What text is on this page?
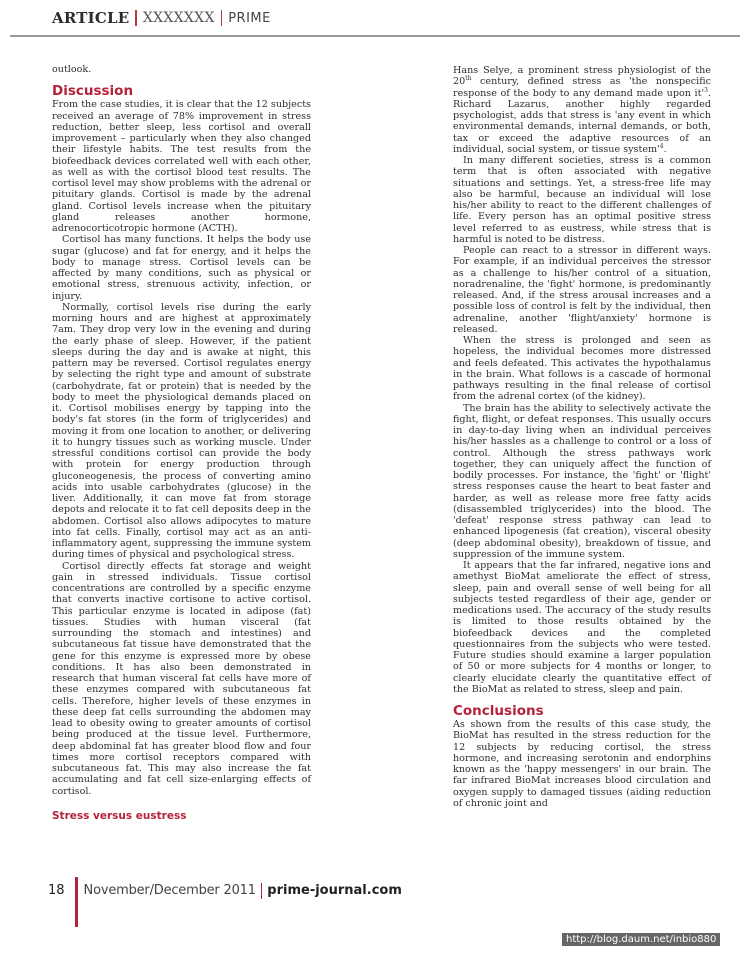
ARTICLE XXXXXXX PRIME

outlook.

Discussion

From the case studies, it is clear that the 12 subjects received an average of 78% improvement in stress reduction, better sleep, less cortisol and overall improvement – particularly when they also changed their lifestyle habits. The test results from the biofeedback devices correlated well with each other, as well as with the cortisol blood test results. The cortisol level may show problems with the adrenal or pituitary glands. Cortisol is made by the adrenal gland. Cortisol levels increase when the pituitary gland releases another hormone, adrenocorticotropic hormone (ACTH).

Cortisol has many functions. It helps the body use sugar (glucose) and fat for energy, and it helps the body to manage stress. Cortisol levels can be affected by many conditions, such as physical or emotional stress, strenuous activity, infection, or injury.

Normally, cortisol levels rise during the early morning hours and are highest at approximately 7am. They drop very low in the evening and during the early phase of sleep. However, if the patient sleeps during the day and is awake at night, this pattern may be reversed. Cortisol regulates energy by selecting the right type and amount of substrate (carbohydrate, fat or protein) that is needed by the body to meet the physiological demands placed on it. Cortisol mobilises energy by tapping into the body's fat stores (in the form of triglycerides) and moving it from one location to another, or delivering it to hungry tissues such as working muscle. Under stressful conditions cortisol can provide the body with protein for energy production through gluconeogenesis, the process of converting amino acids into usable carbohydrates (glucose) in the liver. Additionally, it can move fat from storage depots and relocate it to fat cell deposits deep in the abdomen. Cortisol also allows adipocytes to mature into fat cells. Finally, cortisol may act as an anti-inflammatory agent, suppressing the immune system during times of physical and psychological stress.

Cortisol directly effects fat storage and weight gain in stressed individuals. Tissue cortisol concentrations are controlled by a specific enzyme that converts inactive cortisone to active cortisol. This particular enzyme is located in adipose (fat) tissues. Studies with human visceral (fat surrounding the stomach and intestines) and subcutaneous fat tissue have demonstrated that the gene for this enzyme is expressed more by obese conditions. It has also been demonstrated in research that human visceral fat cells have more of these enzymes compared with subcutaneous fat cells. Therefore, higher levels of these enzymes in these deep fat cells surrounding the abdomen may lead to obesity owing to greater amounts of cortisol being produced at the tissue level. Furthermore, deep abdominal fat has greater blood flow and four times more cortisol receptors compared with subcutaneous fat. This may also increase the fat accumulating and fat cell size-enlarging effects of cortisol.

Stress versus eustress

Hans Selye, a prominent stress physiologist of the 20th century, defined stress as 'the nonspecific response of the body to any demand made upon $it'^3$. Richard Lazarus, another highly regarded psychologist, adds that stress is 'any event in which environmental demands, internal demands, or both, tax or exceed the adaptive resources of an individual, social system, or tissue $system'^4$.

In many different societies, stress is a common term that is often associated with negative situations and settings. Yet, a stress-free life may also be harmful, because an individual will lose his/her ability to react to the different challenges of life. Every person has an optimal positive stress level referred to as eustress, while stress that is harmful is noted to be distress.

People can react to a stressor in different ways. For example, if an individual perceives the stressor as a challenge to his/her control of a situation, noradrenaline, the 'fight' hormone, is predominantly released. And, if the stress arousal increases and a possible loss of control is felt by the individual, then adrenaline, another 'flight/anxiety' hormone is released.

When the stress is prolonged and seen as hopeless, the individual becomes more distressed and feels defeated. This activates the hypothalamus in the brain. What follows is a cascade of hormonal pathways resulting in the final release of cortisol from the adrenal cortex (of the kidney).

The brain has the ability to selectively activate the fight, flight, or defeat responses. This usually occurs in day-to-day living when an individual perceives his/her hassles as a challenge to control or a loss of control. Although the stress pathways work together, they can uniquely affect the function of bodily processes. For instance, the 'fight' or 'flight' stress responses cause the heart to beat faster and harder, as well as release more free fatty acids (disassembled triglycerides) into the blood. The 'defeat' response stress pathway can lead to enhanced lipogenesis (fat creation), visceral obesity (deep abdominal obesity), breakdown of tissue, and suppression of the immune system.

It appears that the far infrared, negative ions and amethyst BioMat ameliorate the effect of stress, sleep, pain and overall sense of well being for all subjects tested regardless of their age, gender or medications used. The accuracy of the study results is limited to those results obtained by the biofeedback devices and the completed questionnaires from the subjects who were tested. Future studies should examine a larger population of 50 or more subjects for 4 months or longer, to clearly elucidate clearly the quantitative effect of the BioMat as related to stress, sleep and pain.

Conclusions

As shown from the results of this case study, the BioMat has resulted in the stress reduction for the 12 subjects by reducing cortisol, the stress hormone, and increasing serotonin and endorphins known as the 'happy messengers' in our brain. The far infrared BioMat increases blood circulation and oxygen supply to damaged tissues (aiding reduction of chronic joint and

18 November/December 2011 prime-journal.com
http://blog.daum.net/inbio880
